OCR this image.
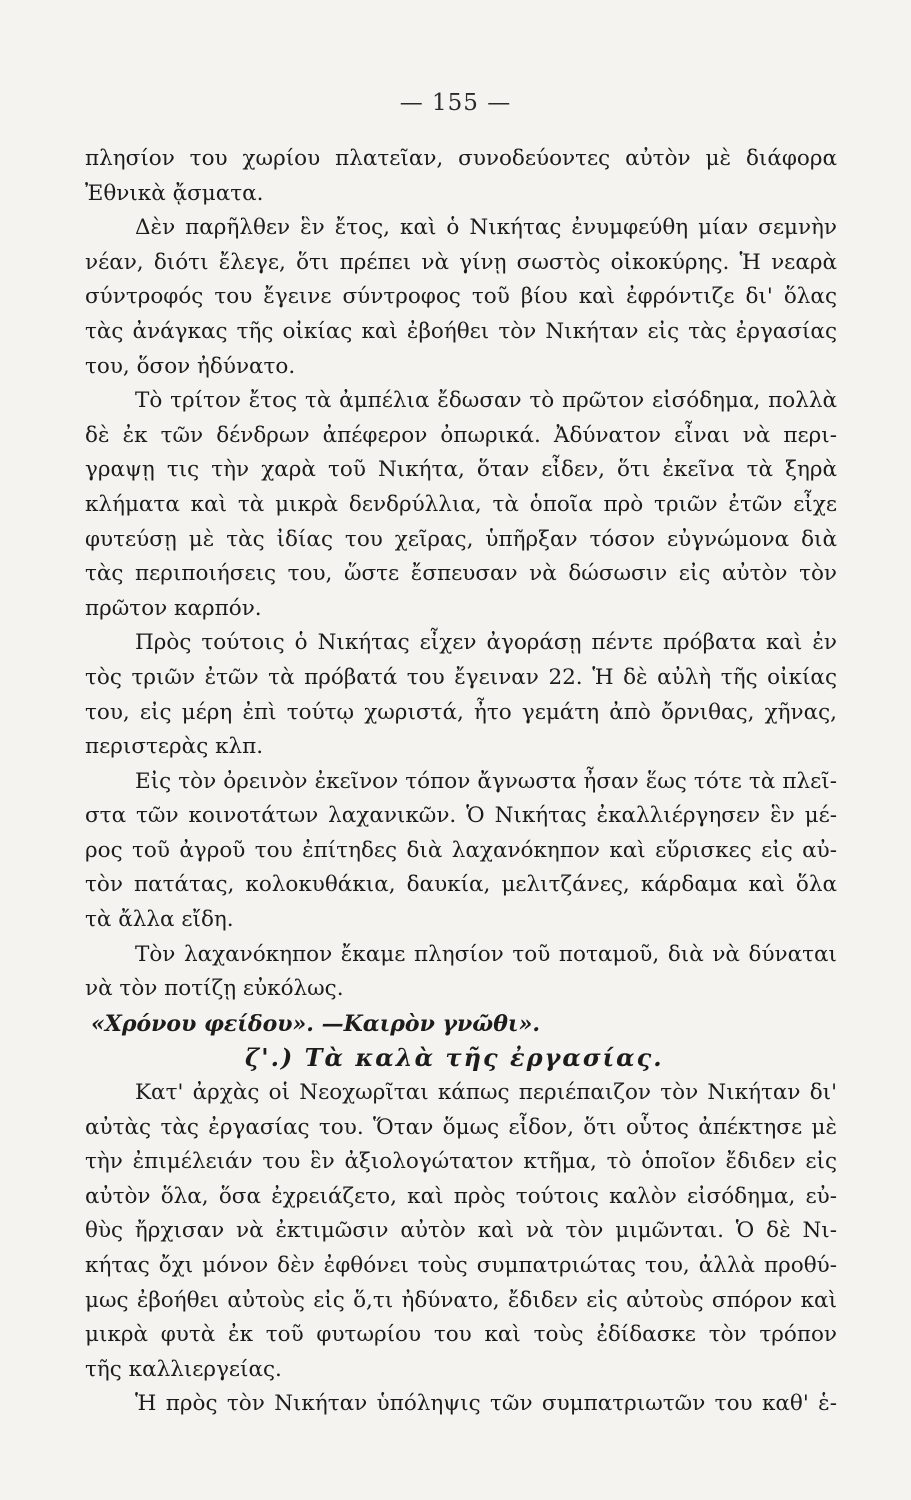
— 155 —
πλησίον του χωρίου πλατεῖαν, συνοδεύοντες αὐτὸν μὲ διάφορα
Ἐθνικὰ ᾄσματα.
Δὲν παρῆλθεν ἓν ἔτος, καὶ ὁ Νικήτας ἐνυμφεύθη μίαν σεμνὴν
νέαν, διότι ἔλεγε, ὅτι πρέπει νὰ γίνῃ σωστὸς οἰκοκύρης. Ἡ νεαρὰ
σύντροφός του ἔγεινε σύντροφος τοῦ βίου καὶ ἐφρόντιζε δι' ὅλας
τὰς ἀνάγκας τῆς οἰκίας καὶ ἐβοήθει τὸν Νικήταν εἰς τὰς ἐργασίας
του, ὅσον ἠδύνατο.
Τὸ τρίτον ἔτος τὰ ἀμπέλια ἔδωσαν τὸ πρῶτον εἰσόδημα, πολλὰ
δὲ ἐκ τῶν δένδρων ἀπέφερον ὀπωρικά. Ἀδύνατον εἶναι νὰ περι-
γραψῃ τις τὴν χαρὰ τοῦ Νικήτα, ὅταν εἶδεν, ὅτι ἐκεῖνα τὰ ξηρὰ
κλήματα καὶ τὰ μικρὰ δενδρύλλια, τὰ ὁποῖα πρὸ τριῶν ἐτῶν εἶχε
φυτεύσῃ μὲ τὰς ἰδίας του χεῖρας, ὑπῆρξαν τόσον εὐγνώμονα διὰ
τὰς περιποιήσεις του, ὥστε ἔσπευσαν νὰ δώσωσιν εἰς αὐτὸν τὸν
πρῶτον καρπόν.
Πρὸς τούτοις ὁ Νικήτας εἶχεν ἀγοράσῃ πέντε πρόβατα καὶ ἐν
τὸς τριῶν ἐτῶν τὰ πρόβατά του ἔγειναν 22. Ἡ δὲ αὐλὴ τῆς οἰκίας
του, εἰς μέρη ἐπὶ τούτῳ χωριστά, ἦτο γεμάτη ἀπὸ ὄρνιθας, χῆνας,
περιστερὰς κλπ.
Εἰς τὸν ὀρεινὸν ἐκεῖνον τόπον ἄγνωστα ἦσαν ἕως τότε τὰ πλεῖ-
στα τῶν κοινοτάτων λαχανικῶν. Ὁ Νικήτας ἐκαλλιέργησεν ἓν μέ-
ρος τοῦ ἀγροῦ του ἐπίτηδες διὰ λαχανόκηπον καὶ εὕρισκες εἰς αὐ-
τὸν πατάτας, κολοκυθάκια, δαυκία, μελιτζάνες, κάρδαμα καὶ ὅλα
τὰ ἄλλα εἴδη.
Τὸν λαχανόκηπον ἔκαμε πλησίον τοῦ ποταμοῦ, διὰ νὰ δύναται
νὰ τὸν ποτίζῃ εὐκόλως.
«Χρόνου φείδου». —Καιρὸν γνῶθι».
ζ'.) Τὰ καλὰ τῆς ἐργασίας.
Κατ' ἀρχὰς οἱ Νεοχωρῖται κάπως περιέπαιζον τὸν Νικήταν δι'
αὐτὰς τὰς ἐργασίας του. Ὅταν ὅμως εἶδον, ὅτι οὗτος ἀπέκτησε μὲ
τὴν ἐπιμέλειάν του ἓν ἀξιολογώτατον κτῆμα, τὸ ὁποῖον ἔδιδεν εἰς
αὐτὸν ὅλα, ὅσα ἐχρειάζετο, καὶ πρὸς τούτοις καλὸν εἰσόδημα, εὐ-
θὺς ἤρχισαν νὰ ἐκτιμῶσιν αὐτὸν καὶ νὰ τὸν μιμῶνται. Ὁ δὲ Νι-
κήτας ὄχι μόνον δὲν ἐφθόνει τοὺς συμπατριώτας του, ἀλλὰ προθύ-
μως ἐβοήθει αὐτοὺς εἰς ὅ,τι ἠδύνατο, ἔδιδεν εἰς αὐτοὺς σπόρον καὶ
μικρὰ φυτὰ ἐκ τοῦ φυτωρίου του καὶ τοὺς ἐδίδασκε τὸν τρόπον
τῆς καλλιεργείας.
Ἡ πρὸς τὸν Νικήταν ὑπόληψις τῶν συμπατριωτῶν του καθ' ἑ-
